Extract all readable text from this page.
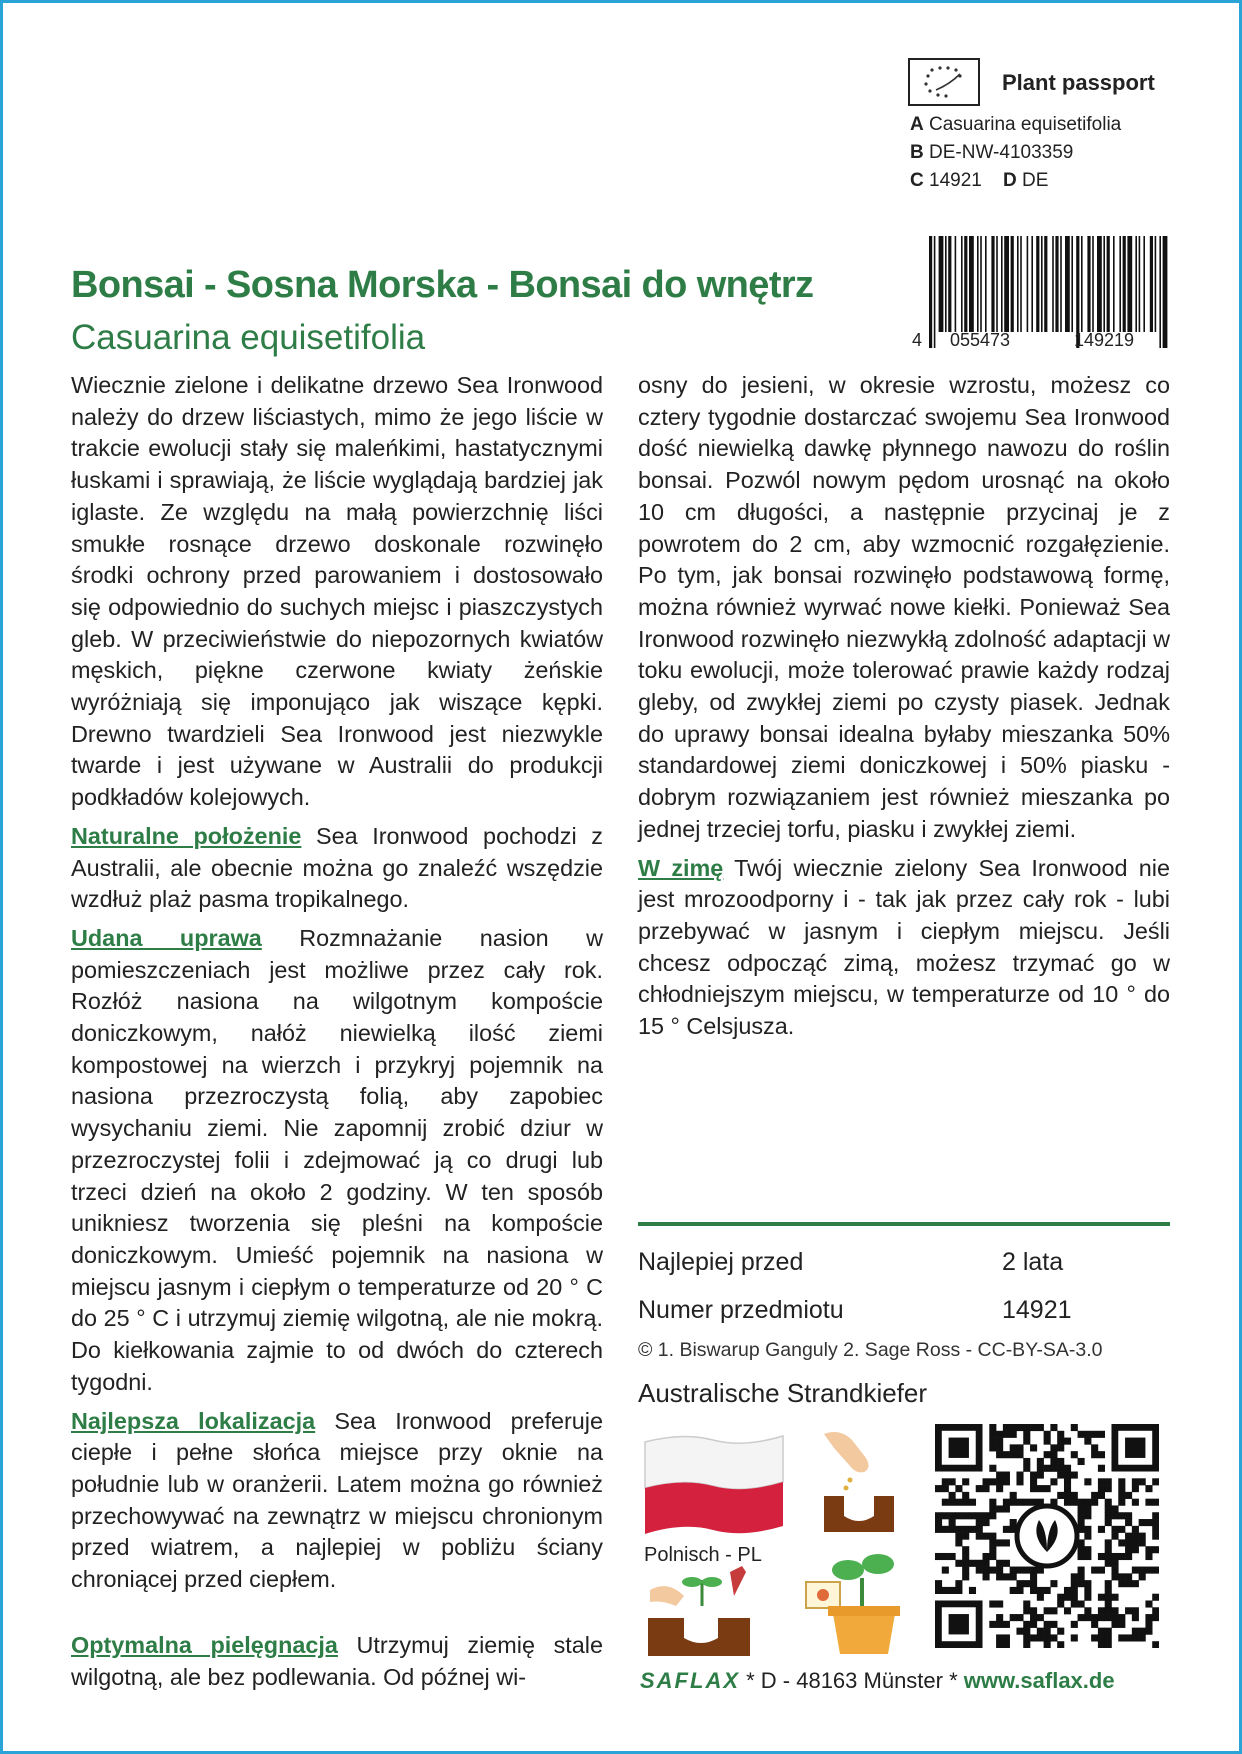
Plant passport
A Casuarina equisetifolia
B DE-NW-4103359
C 14921 D DE
4 055473	149219
Bonsai - Sosna Morska - Bonsai do wnętrz
Casuarina equisetifolia

Wiecznie zielone i delikatne drzewo Sea Ironwood należy do drzew liściastych, mimo że jego liście w trakcie ewolucji stały się maleńkimi, hastatycznymi łuskami i sprawiają, że liście wyglądają bardziej jak iglaste. Ze względu na małą powierzchnię liści smukłe rosnące drzewo doskonale rozwinęło środki ochrony przed parowaniem i dostosowało się odpowiednio do suchych miejsc i piaszczystych gleb. W przeciwieństwie do niepozornych kwiatów męskich, piękne czerwone kwiaty żeńskie wyróżniają się imponująco jak wiszące kępki. Drewno twardzieli Sea Ironwood jest niezwykle twarde i jest używane w Australii do produkcji podkładów kolejowych.

Naturalne położenie Sea Ironwood pochodzi z Australii, ale obecnie można go znaleźć wszędzie wzdłuż plaż pasma tropikalnego.

Udana uprawa Rozmnażanie nasion w pomieszczeniach jest możliwe przez cały rok. Rozłóż nasiona na wilgotnym kompoście doniczkowym, nałóż niewielką ilość ziemi kompostowej na wierzch i przykryj pojemnik na nasiona przezroczystą folią, aby zapobiec wysychaniu ziemi. Nie zapomnij zrobić dziur w przezroczystej folii i zdejmować ją co drugi lub trzeci dzień na około 2 godziny. W ten sposób unikniesz tworzenia się pleśni na kompoście doniczkowym. Umieść pojemnik na nasiona w miejscu jasnym i ciepłym o temperaturze od 20 ° C do 25 ° C i utrzymuj ziemię wilgotną, ale nie mokrą. Do kiełkowania zajmie to od dwóch do czterech tygodni.

Najlepsza lokalizacja Sea Ironwood preferuje ciepłe i pełne słońca miejsce przy oknie na południe lub w oranżerii. Latem można go również przechowywać na zewnątrz w miejscu chronionym przed wiatrem, a najlepiej w pobliżu ściany chroniącej przed ciepłem.

Optymalna pielęgnacja Utrzymuj ziemię stale wilgotną, ale bez podlewania. Od późnej wi-

osny do jesieni, w okresie wzrostu, możesz co cztery tygodnie dostarczać swojemu Sea Ironwood dość niewielką dawkę płynnego nawozu do roślin bonsai. Pozwól nowym pędom urosnąć na około 10 cm długości, a następnie przycinaj je z powrotem do 2 cm, aby wzmocnić rozgałęzienie. Po tym, jak bonsai rozwinęło podstawową formę, można również wyrwać nowe kiełki. Ponieważ Sea Ironwood rozwinęło niezwykłą zdolność adaptacji w toku ewolucji, może tolerować prawie każdy rodzaj gleby, od zwykłej ziemi po czysty piasek. Jednak do uprawy bonsai idealna byłaby mieszanka 50% standardowej ziemi doniczkowej i 50% piasku - dobrym rozwiązaniem jest również mieszanka po jednej trzeciej torfu, piasku i zwykłej ziemi.

W zimę Twój wiecznie zielony Sea Ironwood nie jest mrozoodporny i - tak jak przez cały rok - lubi przebywać w jasnym i ciepłym miejscu. Jeśli chcesz odpocząć zimą, możesz trzymać go w chłodniejszym miejscu, w temperaturze od 10 ° do 15 ° Celsjusza.

Najlepiej przed	2 lata
Numer przedmiotu	14921
© 1. Biswarup Ganguly 2. Sage Ross - CC-BY-SA-3.0
Australische Strandkiefer
Polnisch - PL
SAFLAX * D - 48163 Münster * www.saflax.de
